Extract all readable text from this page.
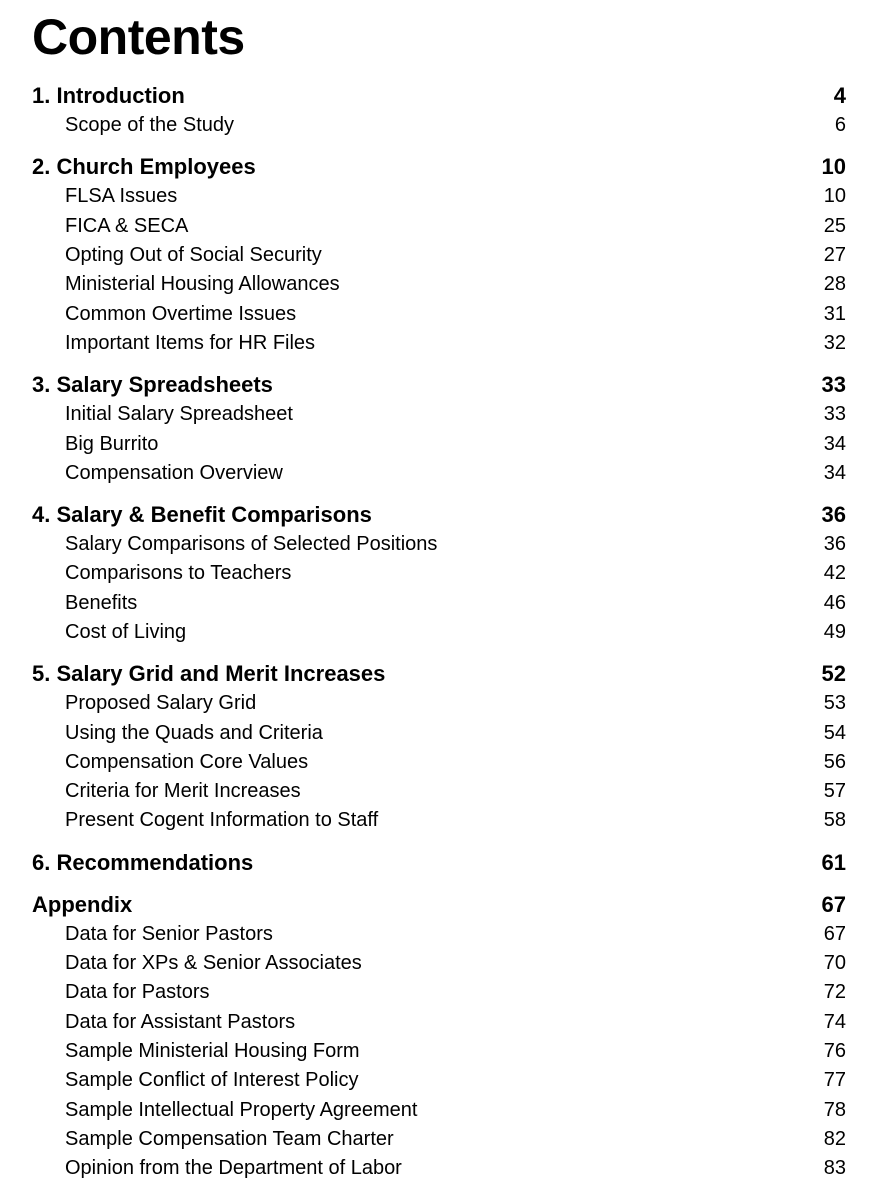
Contents
1. Introduction	4
Scope of the Study	6
2. Church Employees	10
FLSA Issues	10
FICA & SECA	25
Opting Out of Social Security	27
Ministerial Housing Allowances	28
Common Overtime Issues	31
Important Items for HR Files	32
3. Salary Spreadsheets	33
Initial Salary Spreadsheet	33
Big Burrito	34
Compensation Overview	34
4. Salary & Benefit Comparisons	36
Salary Comparisons of Selected Positions	36
Comparisons to Teachers	42
Benefits	46
Cost of Living	49
5. Salary Grid and Merit Increases	52
Proposed Salary Grid	53
Using the Quads and Criteria	54
Compensation Core Values	56
Criteria for Merit Increases	57
Present Cogent Information to Staff	58
6. Recommendations	61
Appendix	67
Data for Senior Pastors	67
Data for XPs & Senior Associates	70
Data for Pastors	72
Data for Assistant Pastors	74
Sample Ministerial Housing Form	76
Sample Conflict of Interest Policy	77
Sample Intellectual Property Agreement	78
Sample Compensation Team Charter	82
Opinion from the Department of Labor	83
